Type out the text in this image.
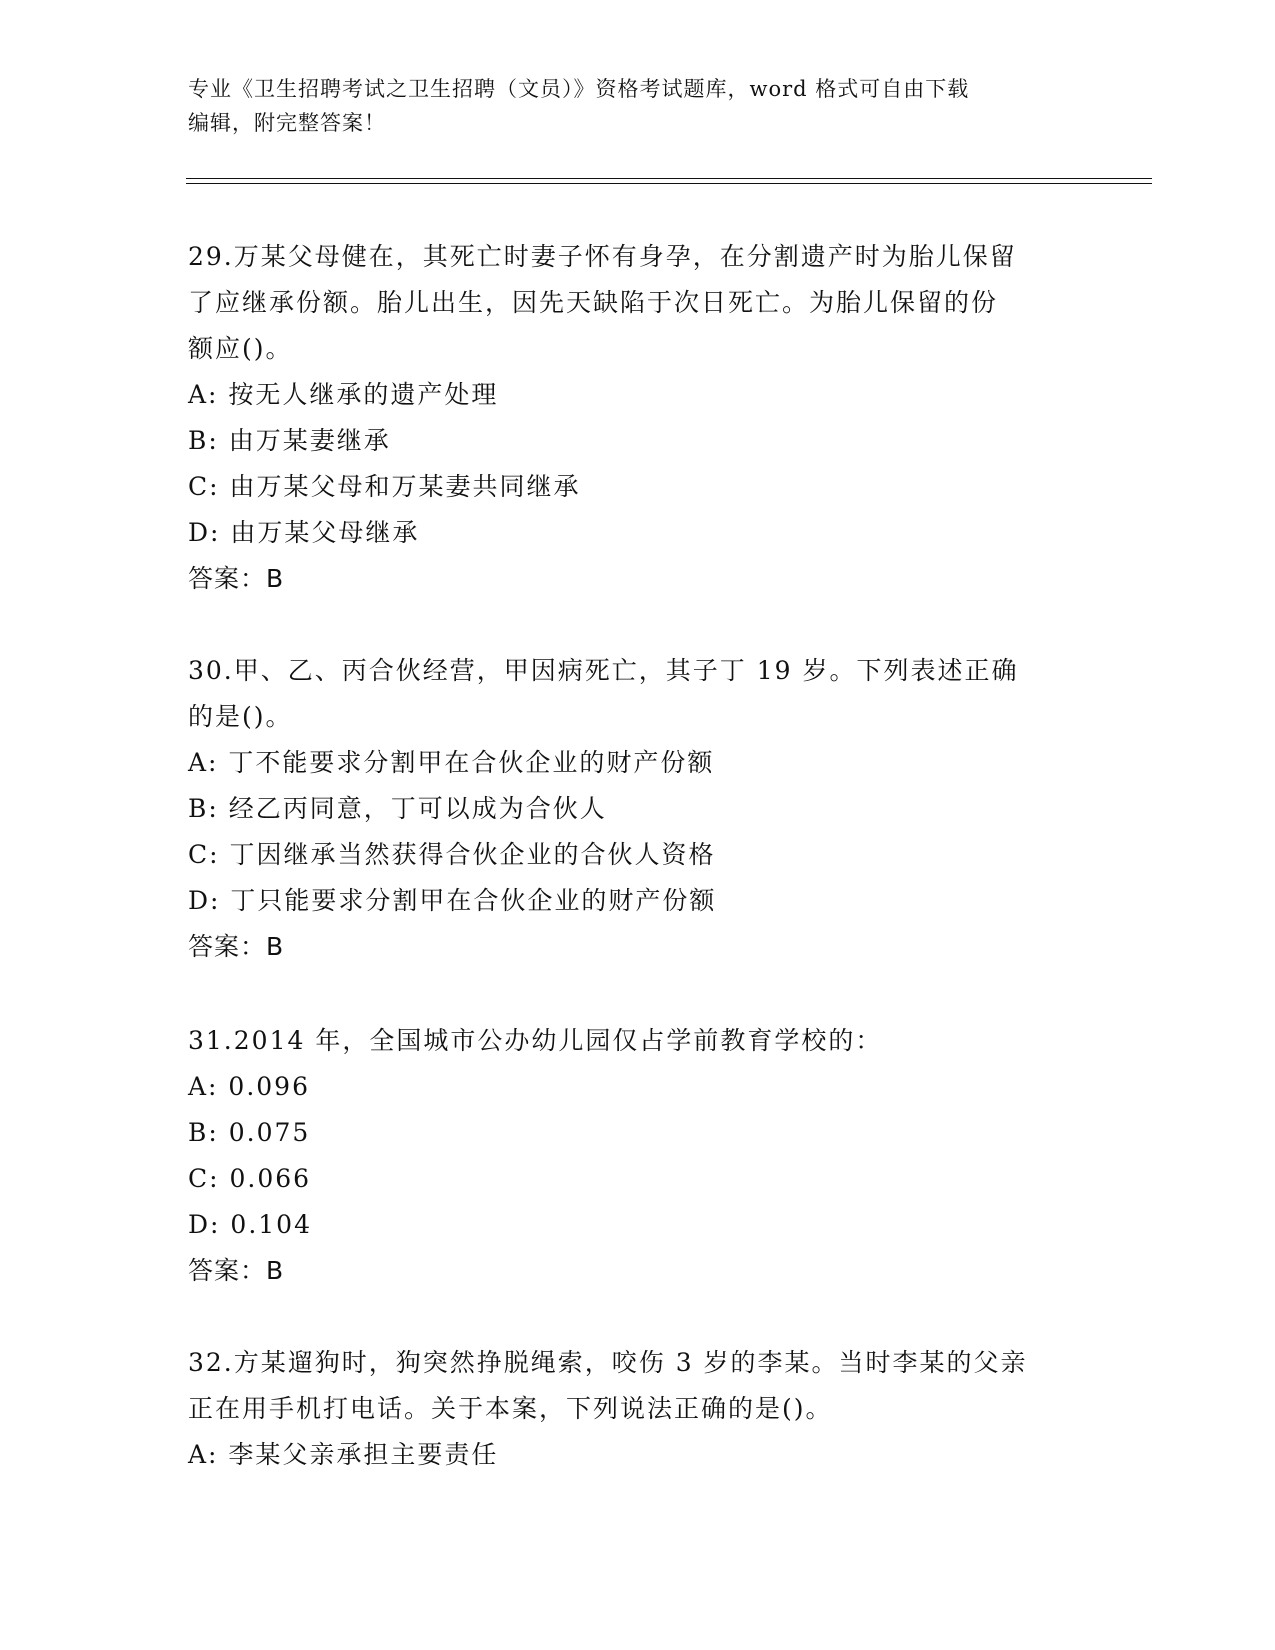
专业《卫生招聘考试之卫生招聘（文员）》资格考试题库，word 格式可自由下载
编辑，附完整答案！
29.万某父母健在，其死亡时妻子怀有身孕，在分割遗产时为胎儿保留
了应继承份额。胎儿出生，因先天缺陷于次日死亡。为胎儿保留的份
额应()。
A: 按无人继承的遗产处理
B: 由万某妻继承
C: 由万某父母和万某妻共同继承
D: 由万某父母继承
答案：B
30.甲、乙、丙合伙经营，甲因病死亡，其子丁 19 岁。下列表述正确
的是()。
A: 丁不能要求分割甲在合伙企业的财产份额
B: 经乙丙同意，丁可以成为合伙人
C: 丁因继承当然获得合伙企业的合伙人资格
D: 丁只能要求分割甲在合伙企业的财产份额
答案：B
31.2014 年，全国城市公办幼儿园仅占学前教育学校的：
A: 0.096
B: 0.075
C: 0.066
D: 0.104
答案：B
32.方某遛狗时，狗突然挣脱绳索，咬伤 3 岁的李某。当时李某的父亲
正在用手机打电话。关于本案，下列说法正确的是()。
A: 李某父亲承担主要责任
